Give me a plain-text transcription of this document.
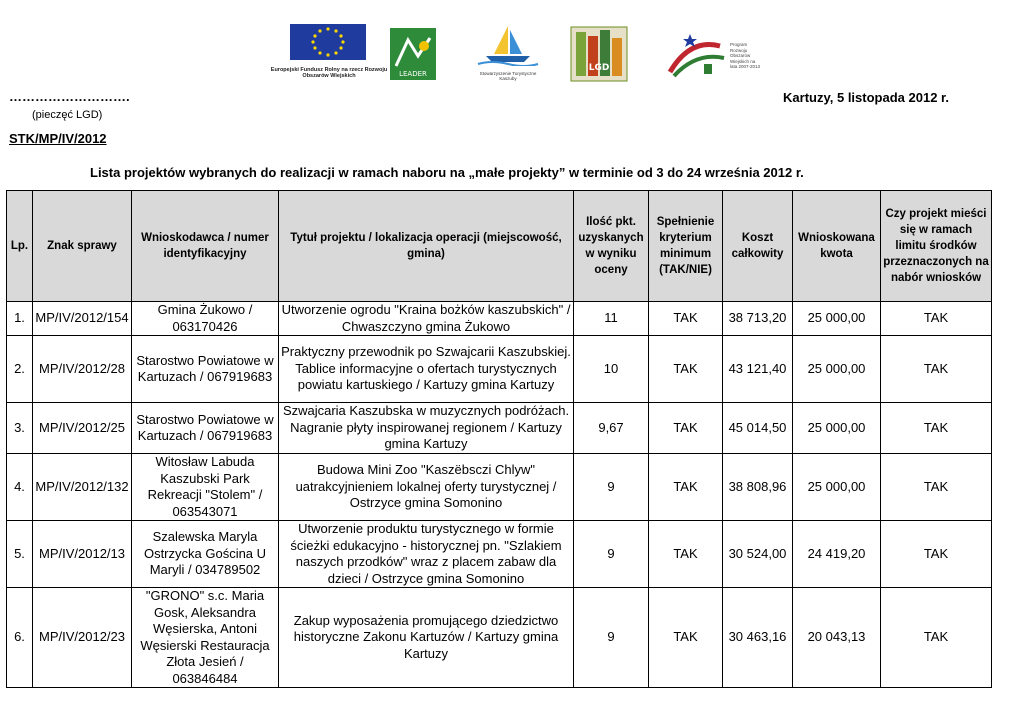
Europejski Fundusz Rolny na rzecz Rozwoju Obszarów Wiejskich	LEADER	Stowarzyszenie Turystyczne Kaszuby
LGD
Program Rozwoju Obszarów Wiejskich na lata 2007-2013
……………………….
(pieczęć LGD)
Kartuzy, 5 listopada 2012 r.
STK/MP/IV/2012
Lista projektów wybranych do realizacji w ramach naboru na „małe projekty” w terminie od 3 do 24 września 2012 r.
Lp.	Znak sprawy	Wnioskodawca / numer identyfikacyjny	Tytuł projektu / lokalizacja operacji (miejscowość, gmina)	Ilość pkt. uzyskanych w wyniku oceny	Spełnienie kryterium minimum (TAK/NIE)	Koszt całkowity	Wnioskowana kwota	Czy projekt mieści się w ramach limitu środków przeznaczonych na nabór wniosków
1.	MP/IV/2012/154	Gmina Żukowo / 063170426	Utworzenie ogrodu "Kraina bożków kaszubskich" / Chwaszczyno gmina Żukowo	11	TAK	38 713,20	25 000,00	TAK
2.	MP/IV/2012/28	Starostwo Powiatowe w Kartuzach / 067919683	Praktyczny przewodnik po Szwajcarii Kaszubskiej. Tablice informacyjne o ofertach turystycznych powiatu kartuskiego / Kartuzy gmina Kartuzy	10	TAK	43 121,40	25 000,00	TAK
3.	MP/IV/2012/25	Starostwo Powiatowe w Kartuzach / 067919683	Szwajcaria Kaszubska w muzycznych podróżach. Nagranie płyty inspirowanej regionem / Kartuzy gmina Kartuzy	9,67	TAK	45 014,50	25 000,00	TAK
4.	MP/IV/2012/132	Witosław Labuda Kaszubski Park Rekreacji "Stolem" / 063543071	Budowa Mini Zoo "Kaszëbsczi Chlyw" uatrakcyjnieniem lokalnej oferty turystycznej / Ostrzyce gmina Somonino	9	TAK	38 808,96	25 000,00	TAK
5.	MP/IV/2012/13	Szalewska Maryla Ostrzycka Gościna U Maryli / 034789502	Utworzenie produktu turystycznego w formie ścieżki edukacyjno - historycznej pn. "Szlakiem naszych przodków" wraz z placem zabaw dla dzieci / Ostrzyce gmina Somonino	9	TAK	30 524,00	24 419,20	TAK
6.	MP/IV/2012/23	"GRONO" s.c. Maria Gosk, Aleksandra Węsierska, Antoni Węsierski Restauracja Złota Jesień / 063846484	Zakup wyposażenia promującego dziedzictwo historyczne Zakonu Kartuzów / Kartuzy gmina Kartuzy	9	TAK	30 463,16	20 043,13	TAK
